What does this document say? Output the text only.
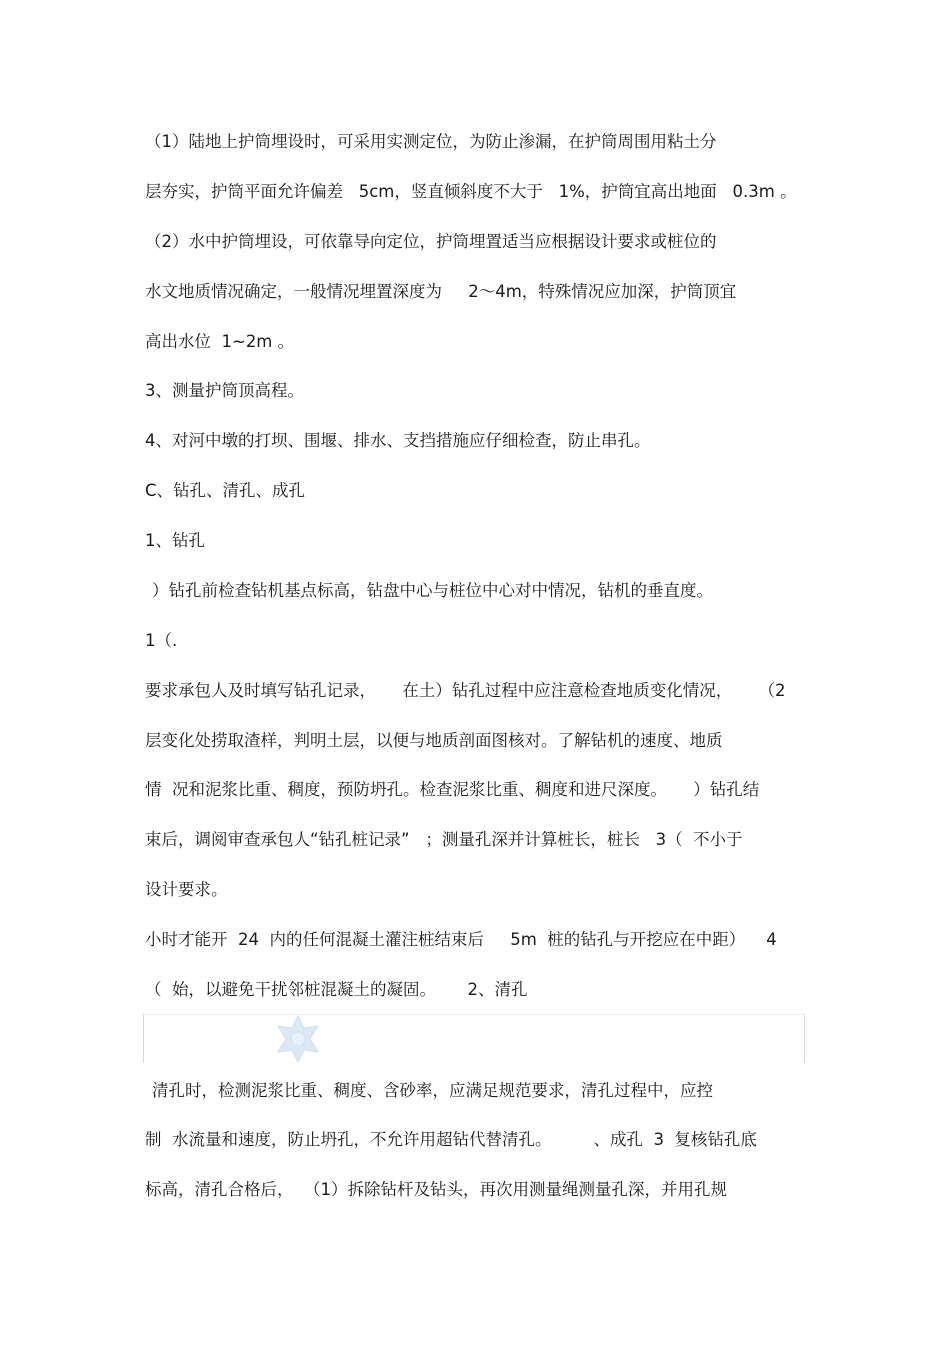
（1）陆地上护筒埋设时，可采用实测定位，为防止渗漏，在护筒周围用粘土分
层夯实，护筒平面允许偏差   5cm，竖直倾斜度不大于   1%，护筒宜高出地面   0.3m 。
（2）水中护筒埋设，可依靠导向定位，护筒埋置适当应根据设计要求或桩位的
水文地质情况确定，一般情况埋置深度为     2～4m，特殊情况应加深，护筒顶宜
高出水位  1~2m 。
3、测量护筒顶高程。
4、对河中墩的打坝、围堰、排水、支挡措施应仔细检查，防止串孔。
C、钻孔、清孔、成孔
1、钻孔
）钻孔前检查钻机基点标高，钻盘中心与桩位中心对中情况，钻机的垂直度。
1（.
要求承包人及时填写钻孔记录，     在土）钻孔过程中应注意检查地质变化情况，     （2
层变化处捞取渣样，判明土层，以便与地质剖面图核对。了解钻机的速度、地质
情  况和泥浆比重、稠度，预防坍孔。检查泥浆比重、稠度和进尺深度。     ）钻孔结
束后，调阅审查承包人“钻孔桩记录”   ；测量孔深并计算桩长，桩长   3（  不小于
设计要求。
小时才能开  24  内的任何混凝土灌注桩结束后     5m  桩的钻孔与开挖应在中距）    4
（  始，以避免干扰邻桩混凝土的凝固。      2、清孔
清孔时，检测泥浆比重、稠度、含砂率，应满足规范要求，清孔过程中，应控
制  水流量和速度，防止坍孔，不允许用超钻代替清孔。        、成孔  3  复核钻孔底
标高，清孔合格后，  （1）拆除钻杆及钻头，再次用测量绳测量孔深，并用孔规
